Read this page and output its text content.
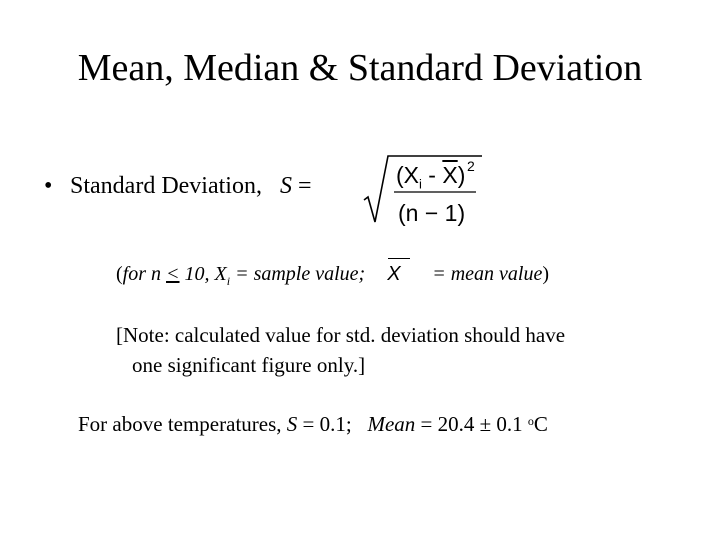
Mean, Median & Standard Deviation
• Standard Deviation, S =	$(X_i - \overline{X})$ 2
(n − 1)
(for n ≤ 10, $X_i$ = sample value; X = mean value)
[Note: calculated value for std. deviation should have
one significant figure only.]
For above temperatures, S = 0.1;   Mean = 20.4 ± 0.1 $^o$C
